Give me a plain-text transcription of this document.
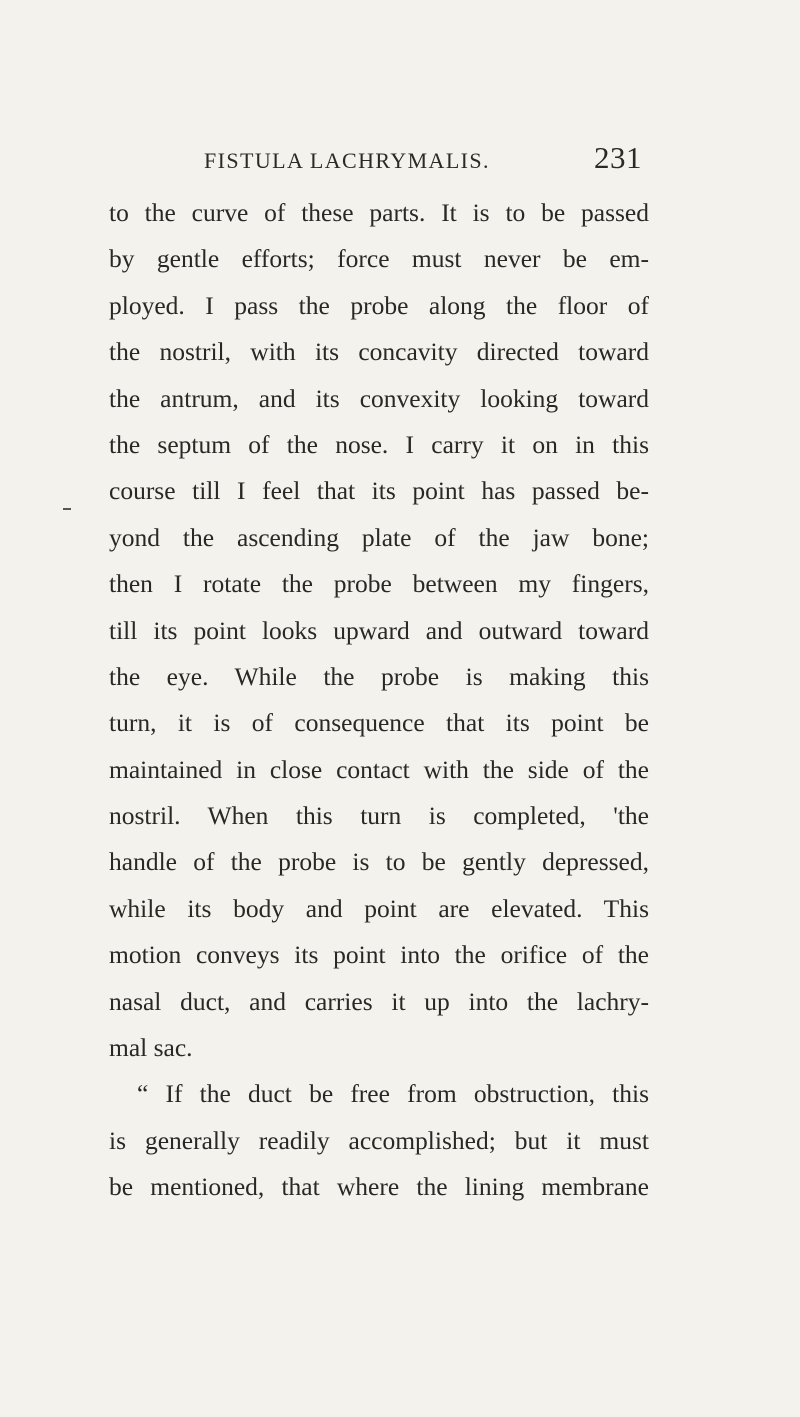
FISTULA LACHRYMALIS.	231
to the curve of these parts. It is to be passed
by gentle efforts; force must never be em-
ployed. I pass the probe along the floor of
the nostril, with its concavity directed toward
the antrum, and its convexity looking toward
the septum of the nose. I carry it on in this
course till I feel that its point has passed be-
yond the ascending plate of the jaw bone;
then I rotate the probe between my fingers,
till its point looks upward and outward toward
the eye. While the probe is making this
turn, it is of consequence that its point be
maintained in close contact with the side of the
nostril. When this turn is completed, 'the
handle of the probe is to be gently depressed,
while its body and point are elevated. This
motion conveys its point into the orifice of the
nasal duct, and carries it up into the lachry-
mal sac.
“ If the duct be free from obstruction, this
is generally readily accomplished; but it must
be mentioned, that where the lining membrane
